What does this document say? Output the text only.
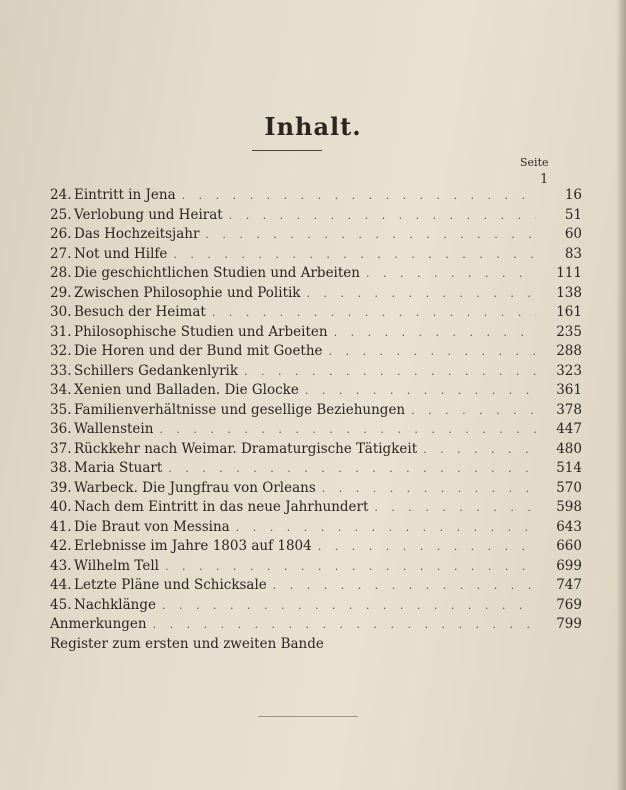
Inhalt.
Seite
1
24 . Eintritt in Jena . . .	16
25 . Verlobung und Heirat . . .	51
26 . Das Hochzeitsjahr . . .	60
27 . Not und Hilfe . . .	83
28 . Die geschichtlichen Studien und Arbeiten . . .	111
29 . Zwischen Philosophie und Politik . . .	138
30 . Besuch der Heimat . . .	161
31 . Philosophische Studien und Arbeiten . . .	235
32 . Die Horen und der Bund mit Goethe . . .	288
33 . Schillers Gedankenlyrik . . .	323
34 . Xenien und Balladen. Die Glocke . . .	361
35 . Familienverhältnisse und gesellige Beziehungen . . .	378
36 . Wallenstein . . .	447
37 . Rückkehr nach Weimar. Dramaturgische Tätigkeit . . .	480
38 . Maria Stuart . . .	514
39 . Warbeck. Die Jungfrau von Orleans . . .	570
40 . Nach dem Eintritt in das neue Jahrhundert . . .	598
41 . Die Braut von Messina . . .	643
42 . Erlebnisse im Jahre 1803 auf 1804 . . .	660
43 . Wilhelm Tell . . .	699
44 . Letzte Pläne und Schicksale . . .	747
45 . Nachklänge . . .	769
Anmerkungen . . .	799
Register zum ersten und zweiten Bande
